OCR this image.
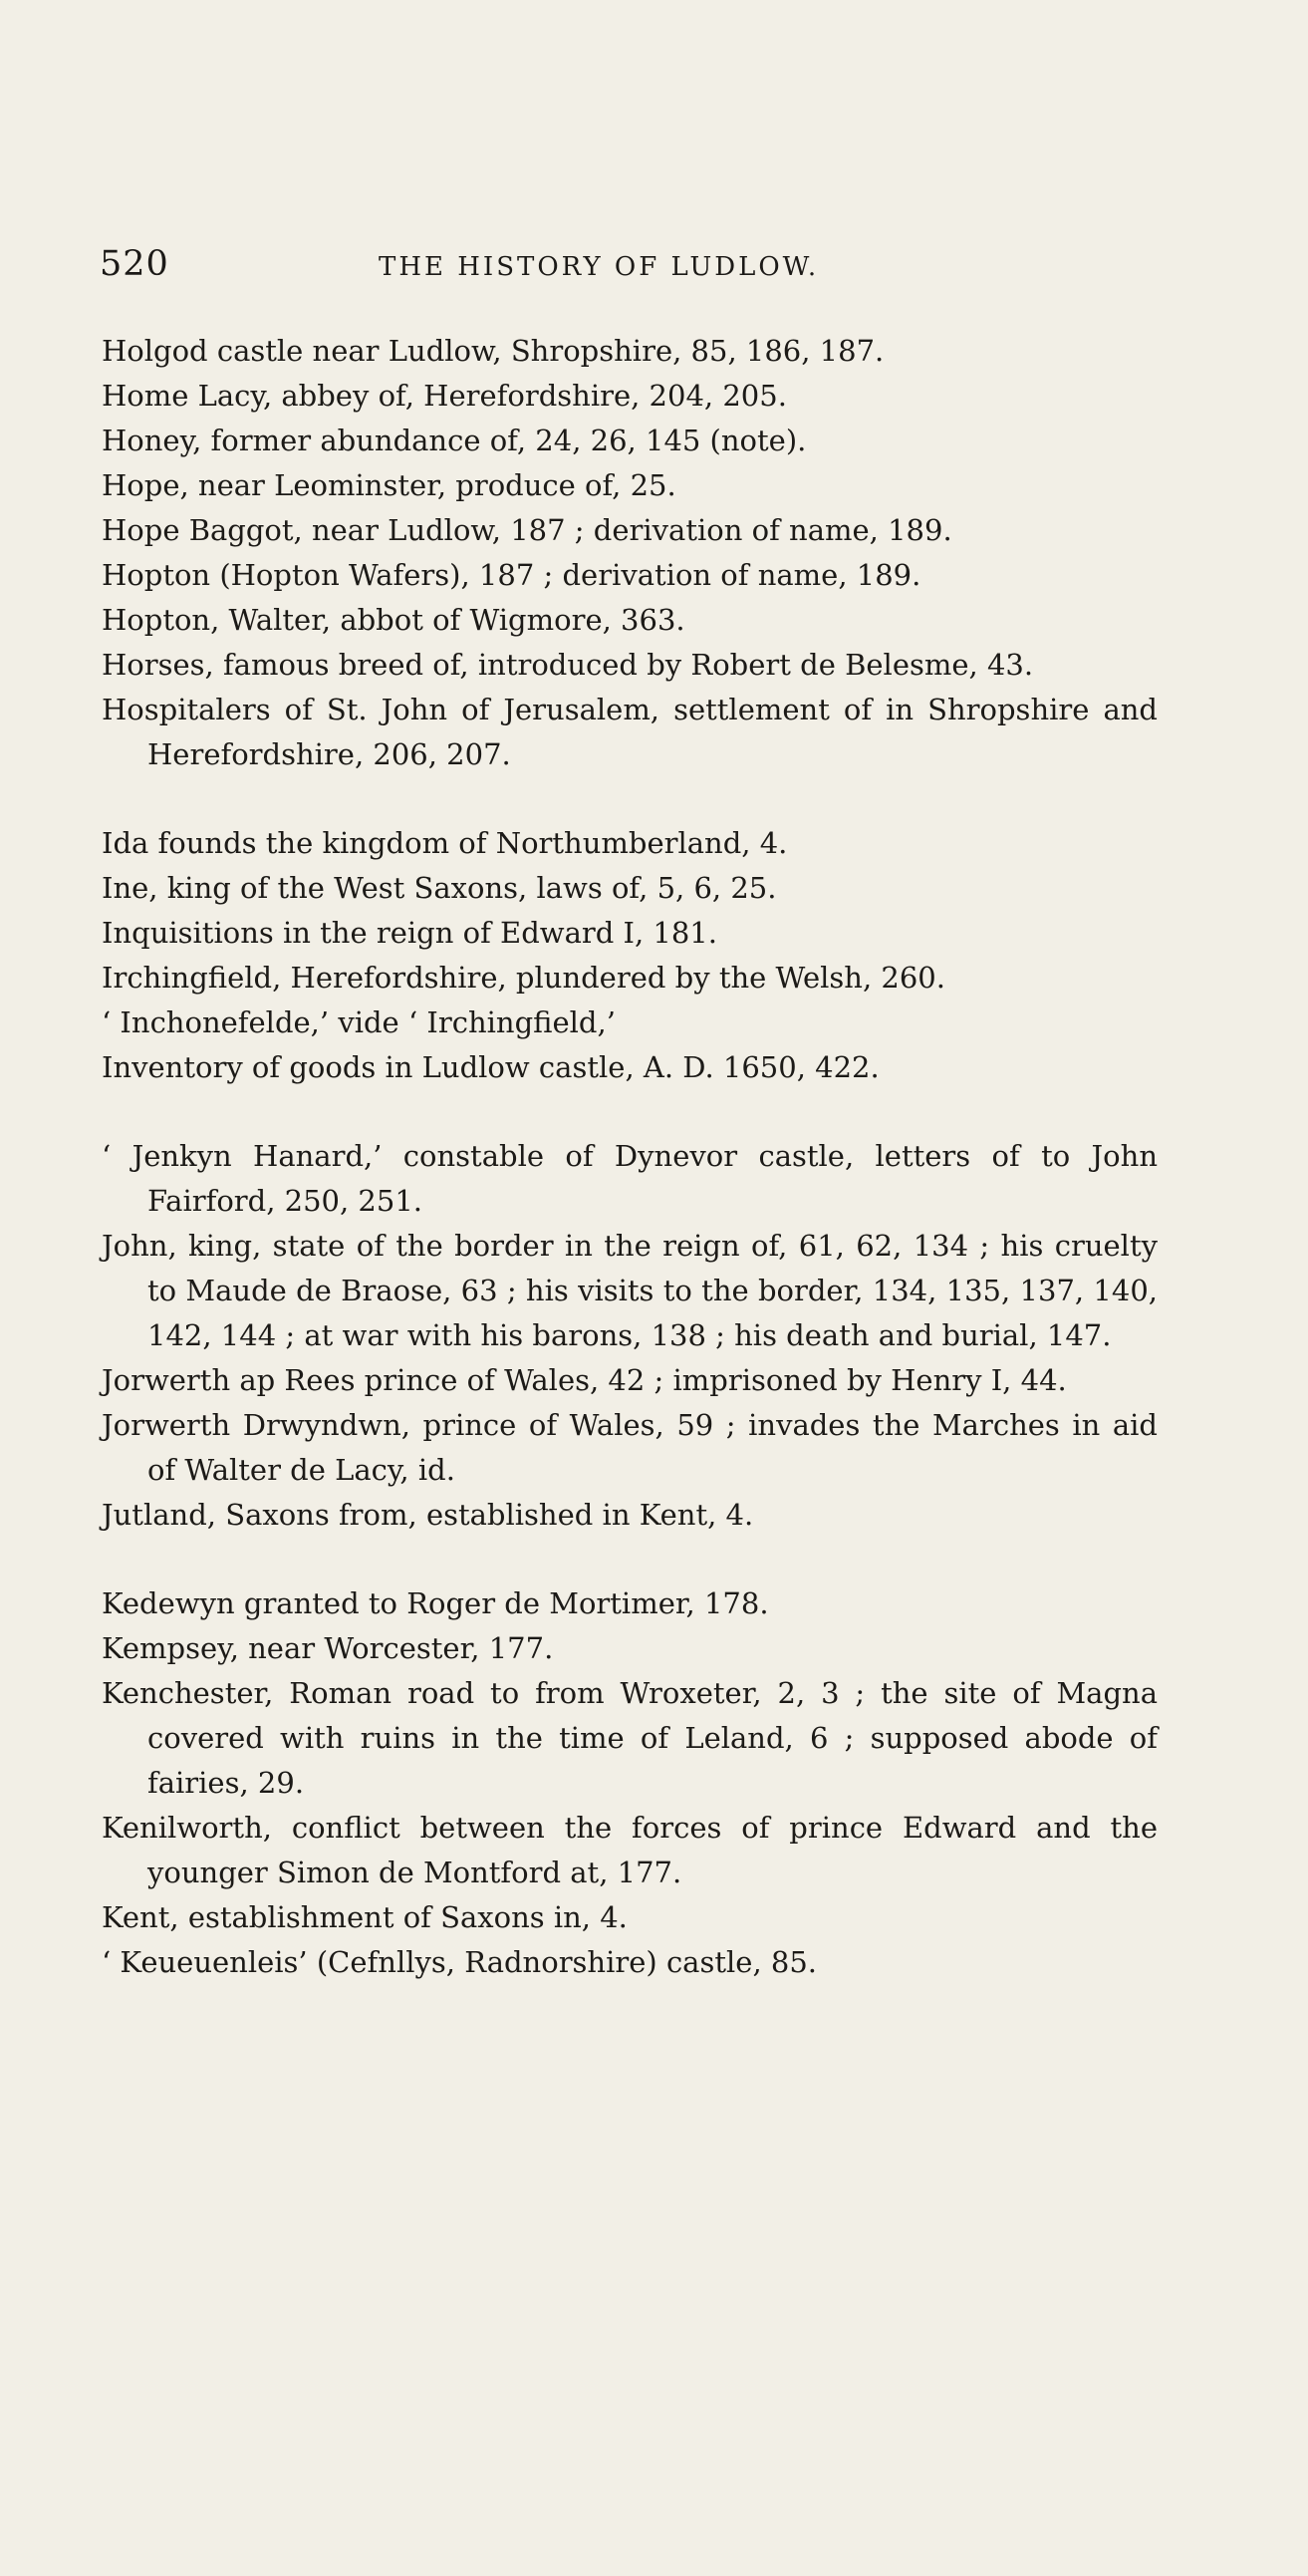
520	THE HISTORY OF LUDLOW.

Holgod castle near Ludlow, Shropshire, 85, 186, 187.

Home Lacy, abbey of, Herefordshire, 204, 205.

Honey, former abundance of, 24, 26, 145 (note).

Hope, near Leominster, produce of, 25.

Hope Baggot, near Ludlow, 187 ; derivation of name, 189.

Hopton (Hopton Wafers), 187 ; derivation of name, 189.

Hopton, Walter, abbot of Wigmore, 363.

Horses, famous breed of, introduced by Robert de Belesme, 43.

Hospitalers of St. John of Jerusalem, settlement of in Shropshire and Herefordshire, 206, 207.

Ida founds the kingdom of Northumberland, 4.

Ine, king of the West Saxons, laws of, 5, 6, 25.

Inquisitions in the reign of Edward I, 181.

Irchingfield, Herefordshire, plundered by the Welsh, 260.

‘ Inchonefelde,’ vide ‘ Irchingfield,’

Inventory of goods in Ludlow castle, A. D. 1650, 422.

‘ Jenkyn Hanard,’ constable of Dynevor castle, letters of to John Fairford, 250, 251.

John, king, state of the border in the reign of, 61, 62, 134 ; his cruelty to Maude de Braose, 63 ; his visits to the border, 134, 135, 137, 140, 142, 144 ; at war with his barons, 138 ; his death and burial, 147.

Jorwerth ap Rees prince of Wales, 42 ; imprisoned by Henry I, 44.

Jorwerth Drwyndwn, prince of Wales, 59 ; invades the Marches in aid of Walter de Lacy, id.

Jutland, Saxons from, established in Kent, 4.

Kedewyn granted to Roger de Mortimer, 178.

Kempsey, near Worcester, 177.

Kenchester, Roman road to from Wroxeter, 2, 3 ; the site of Magna covered with ruins in the time of Leland, 6 ; supposed abode of fairies, 29.

Kenilworth, conflict between the forces of prince Edward and the younger Simon de Montford at, 177.

Kent, establishment of Saxons in, 4.

‘ Keueuenleis’ (Cefnllys, Radnorshire) castle, 85.
